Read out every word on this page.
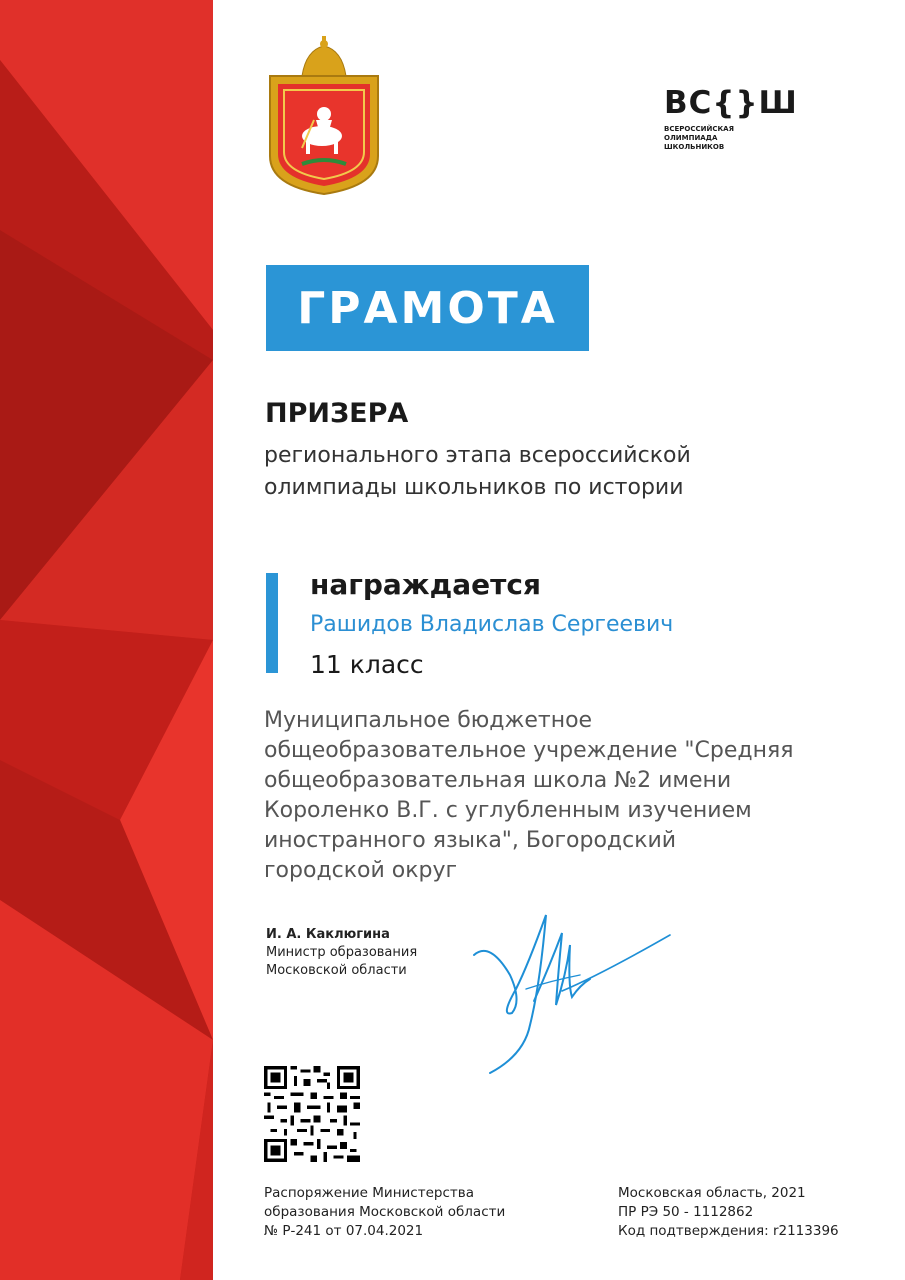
ВС{}Ш
ВСЕРОССИЙСКАЯ ОЛИМПИАДА ШКОЛЬНИКОВ
ГРАМОТА
ПРИЗЕРА
регионального этапа всероссийской
олимпиады школьников по истории
награждается
Рашидов Владислав Сергеевич
11 класс
Муниципальное бюджетное
общеобразовательное учреждение "Средняя
общеобразовательная школа №2 имени
Короленко В.Г. с углубленным изучением
иностранного языка", Богородский
городской округ
И. А. Каклюгина
Министр образования
Московской области
Распоряжение Министерства
образования Московской области
№ Р-241 от 07.04.2021
Московская область, 2021
ПР РЭ 50 - 1112862
Код подтверждения: r2113396
